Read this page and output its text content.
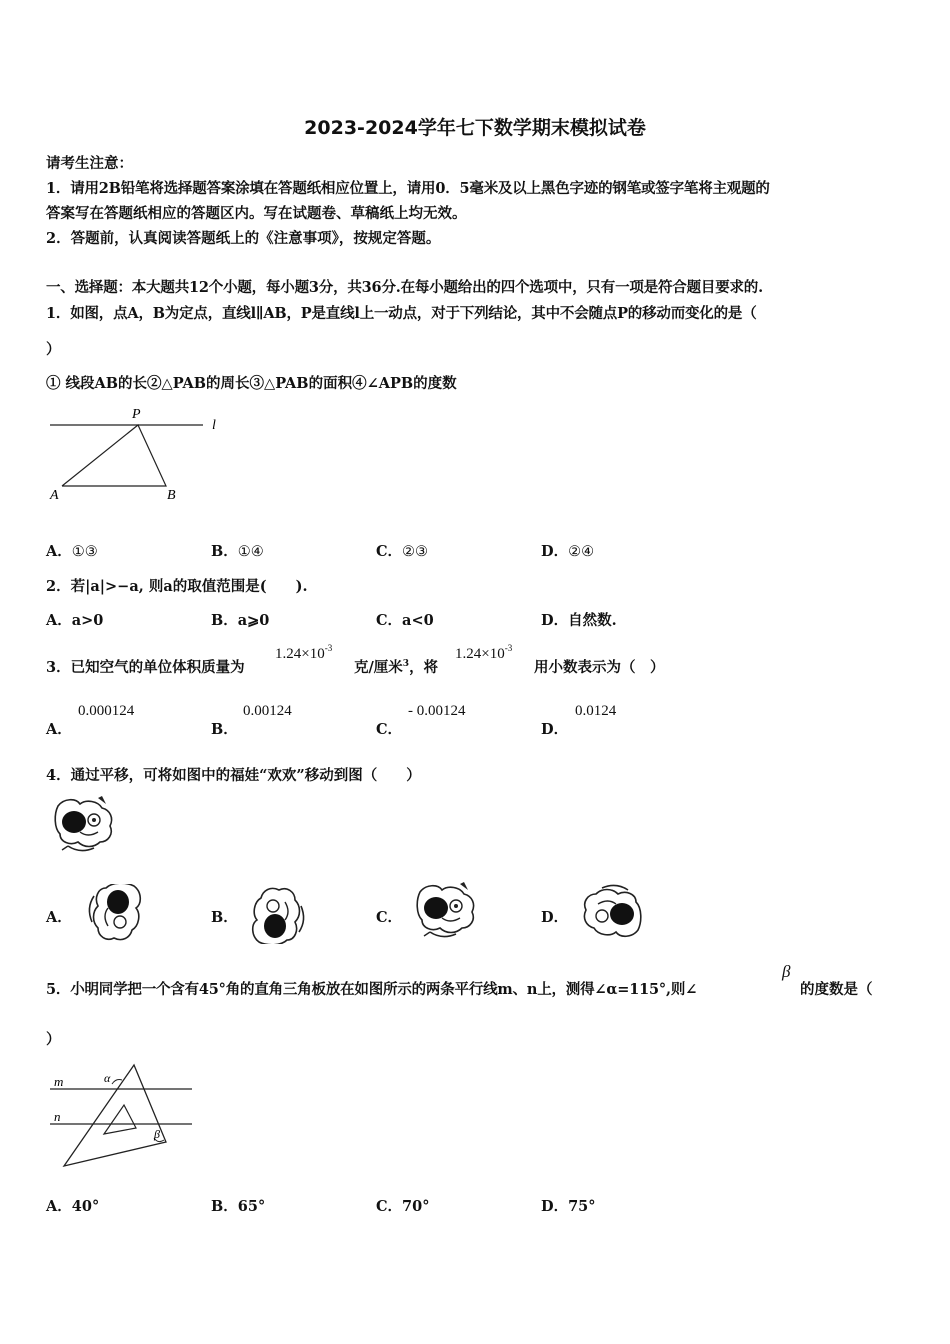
2023-2024学年七下数学期末模拟试卷
请考生注意：
1．请用2B铅笔将选择题答案涂填在答题纸相应位置上，请用0．5毫米及以上黑色字迹的钢笔或签字笔将主观题的
答案写在答题纸相应的答题区内。写在试题卷、草稿纸上均无效。
2．答题前，认真阅读答题纸上的《注意事项》，按规定答题。
一、选择题：本大题共12个小题，每小题3分，共36分.在每小题给出的四个选项中，只有一项是符合题目要求的.
1．如图，点A，B为定点，直线l∥AB，P是直线l上一动点，对于下列结论，其中不会随点P的移动而变化的是（
）
① 线段AB的长②△PAB的周长③△PAB的面积④∠APB的度数
P
l
A	B
A．①③	B．①④	C．②③	D．②④
2．若|a|>−a, 则a的取值范围是(　　).
A．a>0	B．a⩾0	C．a<0	D．自然数.
3．已知空气的单位体积质量为
$1.24\times 10^{-3}$
克/厘米$^3$，将
$1.24\times 10^{-3}$
用小数表示为（　）
A．
0.000124
B．
0.00124
C．
- 0.00124
D．
0.0124
4．通过平移，可将如图中的福娃“欢欢”移动到图（　　）
A．	B．	C．	D．
5．小明同学把一个含有45°角的直角三角板放在如图所示的两条平行线m、n上，测得∠α=115°,则∠
β
的度数是（
）
m
n
α
β
A．40°	B．65°	C．70°	D．75°
